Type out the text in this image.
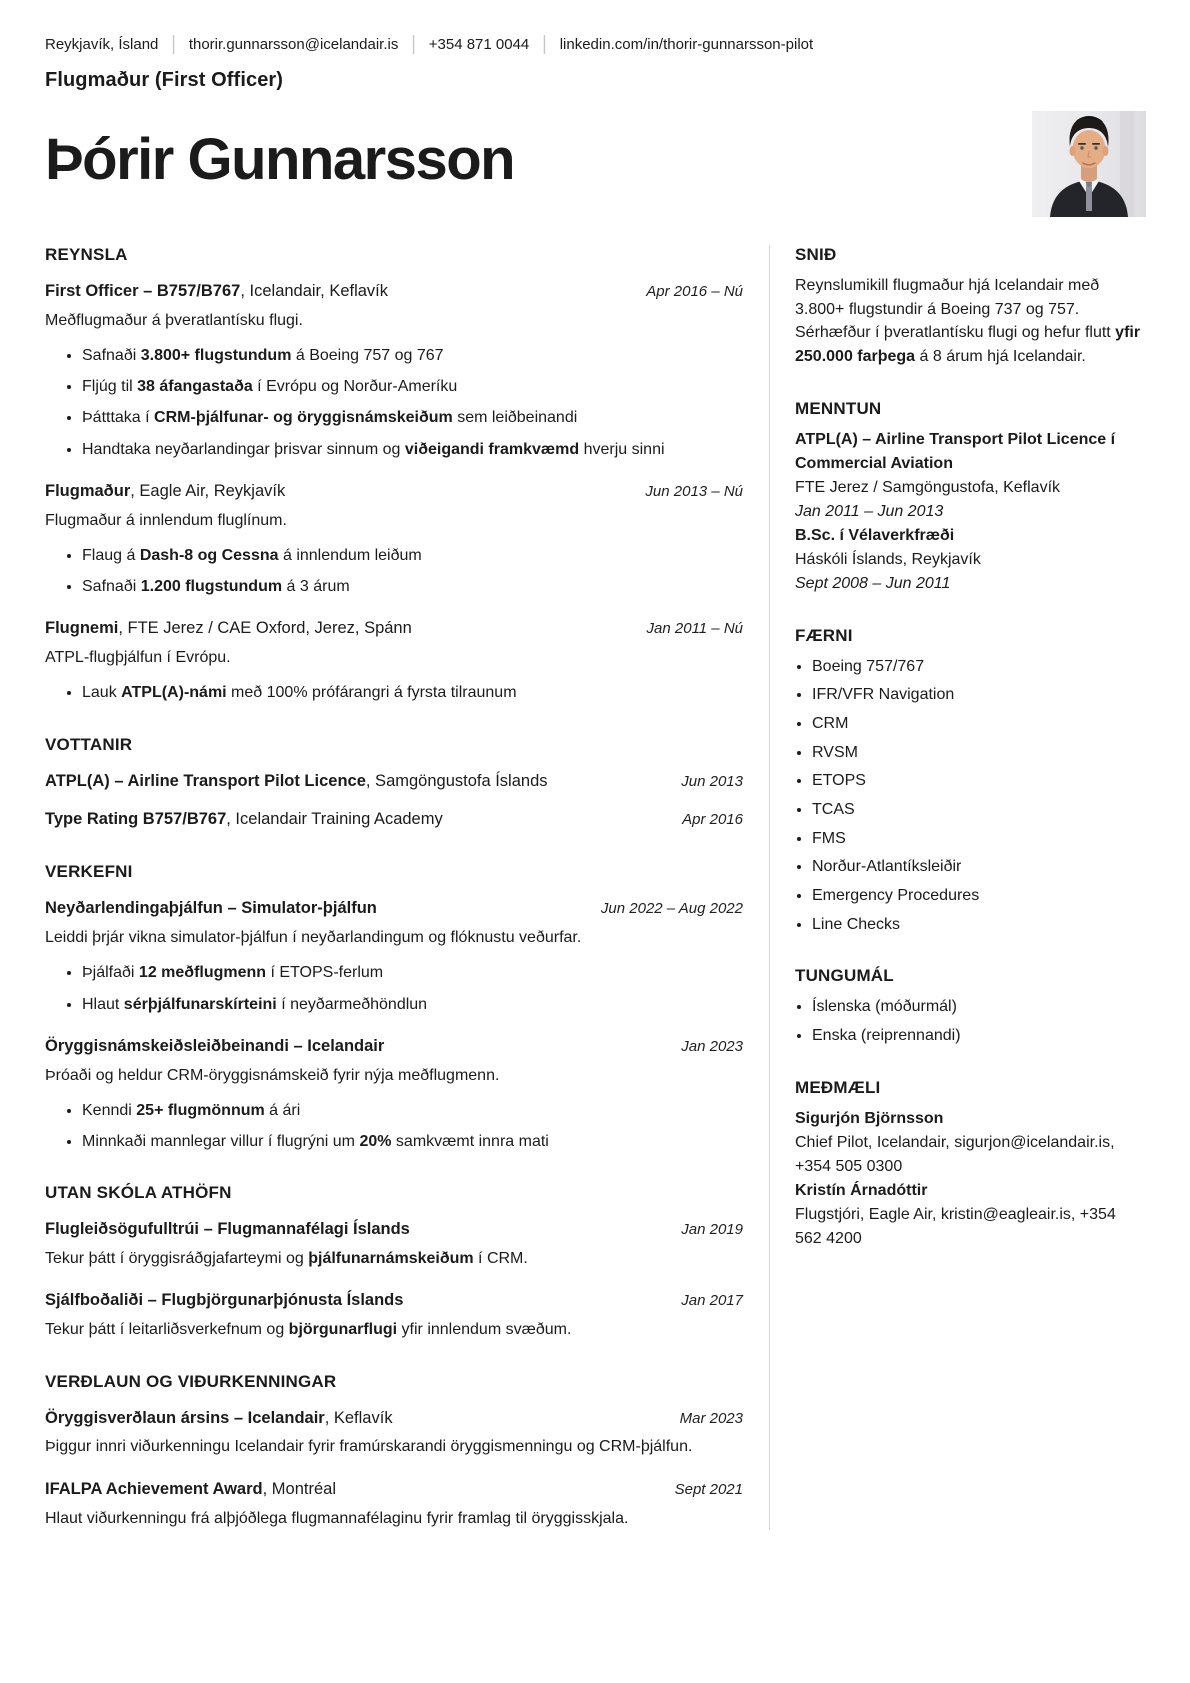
Reykjavík, Ísland | thorir.gunnarsson@icelandair.is | +354 871 0044 | linkedin.com/in/thorir-gunnarsson-pilot
Flugmaður (First Officer)
Þórir Gunnarsson
REYNSLA

First Officer – B757/B767, Icelandair, Keflavík	Apr 2016 – Nú

Meðflugmaður á þveratlantísku flugi.

• Safnaði 3.800+ flugstundum á Boeing 757 og 767
• Fljúg til 38 áfangastaða í Evrópu og Norður-Ameríku
• Þátttaka í CRM-þjálfunar- og öryggisnámskeiðum sem leiðbeinandi
• Handtaka neyðarlandingar þrisvar sinnum og viðeigandi framkvæmd hverju sinni

Flugmaður, Eagle Air, Reykjavík	Jun 2013 – Nú

Flugmaður á innlendum fluglínum.

• Flaug á Dash-8 og Cessna á innlendum leiðum
• Safnaði 1.200 flugstundum á 3 árum

Flugnemi, FTE Jerez / CAE Oxford, Jerez, Spánn	Jan 2011 – Nú

ATPL-flugþjálfun í Evrópu.

• Lauk ATPL(A)-námi með 100% prófárangri á fyrsta tilraunum
VOTTANIR

ATPL(A) – Airline Transport Pilot Licence, Samgöngustofa Íslands	Jun 2013

Type Rating B757/B767, Icelandair Training Academy	Apr 2016
VERKEFNI

Neyðarlendingaþjálfun – Simulator-þjálfun	Jun 2022 – Aug 2022

Leiddi þrjár vikna simulator-þjálfun í neyðarlandingum og flóknustu veðurfar.

• Þjálfaði 12 meðflugmenn í ETOPS-ferlum
• Hlaut sérþjálfunarskírteini í neyðarmeðhöndlun

Öryggisnámskeiðsleiðbeinandi – Icelandair	Jan 2023

Þróaði og heldur CRM-öryggisnámskeið fyrir nýja meðflugmenn.

• Kenndi 25+ flugmönnum á ári
• Minnkaði mannlegar villur í flugrýni um 20% samkvæmt innra mati
UTAN SKÓLA ATHÖFN

Flugleiðsögufulltrúi – Flugmannafélagi Íslands	Jan 2019

Tekur þátt í öryggisráðgjafarteymi og þjálfunarnámskeiðum í CRM.

Sjálfboðaliði – Flugbjörgunarþjónusta Íslands	Jan 2017

Tekur þátt í leitarliðsverkefnum og björgunarflugi yfir innlendum svæðum.

VERÐLAUN OG VIÐURKENNINGAR

Öryggisverðlaun ársins – Icelandair, Keflavík	Mar 2023

Þiggur innri viðurkenningu Icelandair fyrir framúrskarandi öryggismenningu og CRM-þjálfun.

IFALPA Achievement Award, Montréal	Sept 2021

Hlaut viðurkenningu frá alþjóðlega flugmannafélaginu fyrir framlag til öryggisskjala.

SNIÐ

Reynslumikill flugmaður hjá Icelandair með 3.800+ flugstundir á Boeing 737 og 757. Sérhæfður í þveratlantísku flugi og hefur flutt yfir 250.000 farþega á 8 árum hjá Icelandair.

MENNTUN

ATPL(A) – Airline Transport Pilot Licence í Commercial Aviation

FTE Jerez / Samgöngustofa, Keflavík

Jan 2011 – Jun 2013

B.Sc. í Vélaverkfræði

Háskóli Íslands, Reykjavík

Sept 2008 – Jun 2011

FÆRNI
• Boeing 757/767
• IFR/VFR Navigation
• CRM
• RVSM
• ETOPS
• TCAS
• FMS
• Norður-Atlantíksleiðir
• Emergency Procedures
• Line Checks
TUNGUMÁL
• Íslenska (móðurmál)
• Enska (reiprennandi)
MEÐMÆLI

Sigurjón Björnsson

Chief Pilot, Icelandair, sigurjon@icelandair.is, +354 505 0300

Kristín Árnadóttir

Flugstjóri, Eagle Air, kristin@eagleair.is, +354 562 4200
